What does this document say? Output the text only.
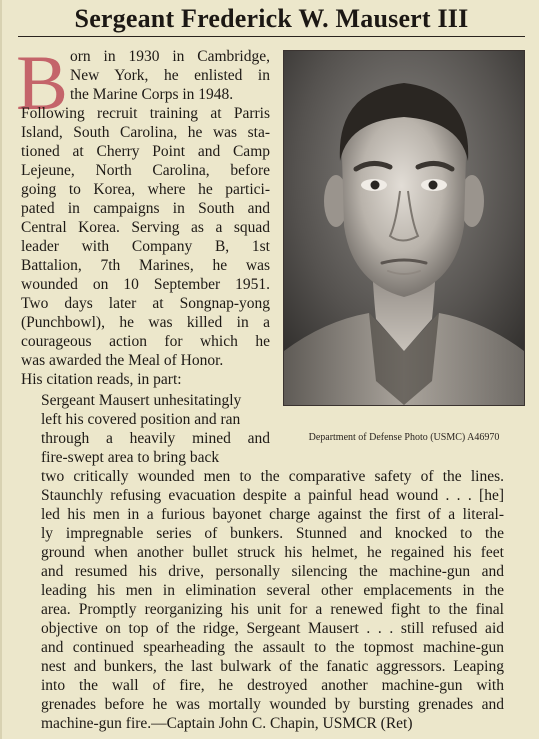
Sergeant Frederick W. Mausert III
B orn in 1930 in Cambridge,
New York, he enlisted in
the Marine Corps in 1948.
Following recruit training at Parris
Island, South Carolina, he was sta-
tioned at Cherry Point and Camp
Lejeune, North Carolina, before
going to Korea, where he partici-
pated in campaigns in South and
Central Korea. Serving as a squad
leader with Company B, 1st
Battalion, 7th Marines, he was
wounded on 10 September 1951.
Two days later at Songnap-yong
(Punchbowl), he was killed in a
courageous action for which he
was awarded the Meal of Honor.
His citation reads, in part:
Sergeant Mausert unhesitatingly
left his covered position and ran
through a heavily mined and
fire-swept area to bring back
two critically wounded men to the comparative safety of the lines.
Staunchly refusing evacuation despite a painful head wound . . . [he]
led his men in a furious bayonet charge against the first of a literal-
ly impregnable series of bunkers. Stunned and knocked to the
ground when another bullet struck his helmet, he regained his feet
and resumed his drive, personally silencing the machine-gun and
leading his men in elimination several other emplacements in the
area. Promptly reorganizing his unit for a renewed fight to the final
objective on top of the ridge, Sergeant Mausert . . . still refused aid
and continued spearheading the assault to the topmost machine-gun
nest and bunkers, the last bulwark of the fanatic aggressors. Leaping
into the wall of fire, he destroyed another machine-gun with
grenades before he was mortally wounded by bursting grenades and
machine-gun fire.—Captain John C. Chapin, USMCR (Ret)
Department of Defense Photo (USMC) A46970
